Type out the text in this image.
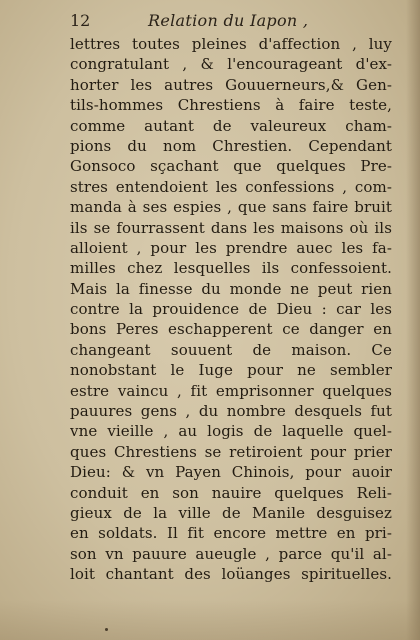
12	Relation du Iapon ,
lettres toutes pleines d'affection , luy
congratulant , & l'encourageant d'ex-
horter les autres Gouuerneurs,& Gen-
tils-hommes Chrestiens à faire teste,
comme autant de valeureux cham-
pions du nom Chrestien. Cependant
Gonsoco sçachant que quelques Pre-
stres entendoient les confessions , com-
manda à ses espies , que sans faire bruit
ils se fourrassent dans les maisons où ils
alloient , pour les prendre auec les fa-
milles chez lesquelles ils confessoient.
Mais la finesse du monde ne peut rien
contre la prouidence de Dieu : car les
bons Peres eschapperent ce danger en
changeant souuent de maison. Ce
nonobstant le Iuge pour ne sembler
estre vaincu , fit emprisonner quelques
pauures gens , du nombre desquels fut
vne vieille , au logis de laquelle quel-
ques Chrestiens se retiroient pour prier
Dieu: & vn Payen Chinois, pour auoir
conduit en son nauire quelques Reli-
gieux de la ville de Manile desguisez
en soldats. Il fit encore mettre en pri-
son vn pauure aueugle , parce qu'il al-
loit chantant des loüanges spirituelles.
